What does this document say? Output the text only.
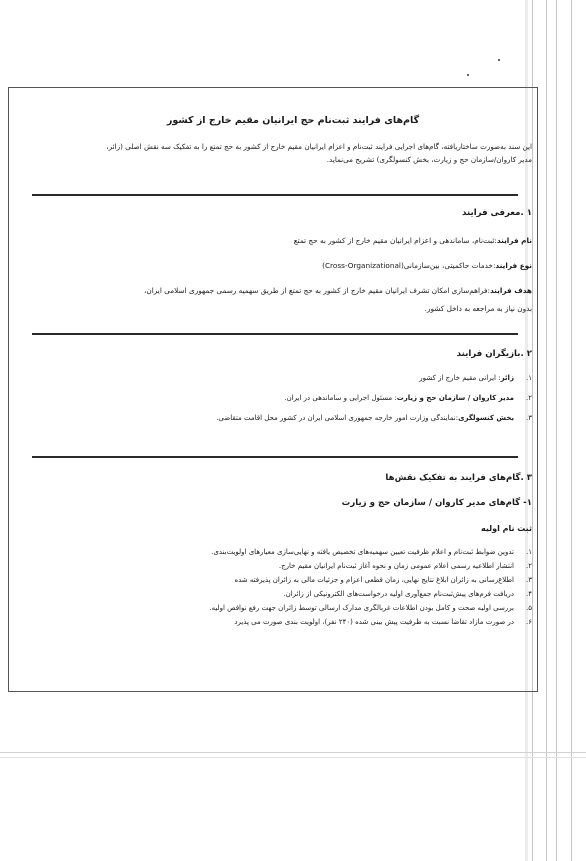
گام‌های فرایند ثبت‌نام حج ایرانیان مقیم خارج از کشور
این سند به‌صورت ساختاریافته، گام‌های اجرایی فرایند ثبت‌نام و اعزام ایرانیان مقیم خارج از کشور به حج تمتع را به تفکیک سه نقش اصلی (زائر، مدیر کاروان/سازمان حج و زیارت، بخش کنسولگری) تشریح می‌نماید.
۱ .معرفی فرایند
نام فرایند:ثبت‌نام، ساماندهی و اعزام ایرانیان مقیم خارج از کشور به حج تمتع
نوع فرایند:خدمات حاکمیتی، بین‌سازمانی(Cross-Organizational)
هدف فرایند:فراهم‌سازی امکان تشرف ایرانیان مقیم خارج از کشور به حج تمتع از طریق سهمیه رسمی جمهوری اسلامی ایران،
بدون نیاز به مراجعه به داخل کشور.
۲ .بازیگران فرایند
۱.
زائر: ایرانی مقیم خارج از کشور
۲.
مدیر کاروان / سازمان حج و زیارت: مسئول اجرایی و ساماندهی در ایران.
۳.
بخش کنسولگری:نمایندگی وزارت امور خارجه جمهوری اسلامی ایران در کشور محل اقامت متقاضی.
۳ .گام‌های فرایند به تفکیک نقش‌ها
۱- گام‌های مدیر کاروان / سازمان حج و زیارت
ثبت نام اولیه
۱.
تدوین ضوابط ثبت‌نام و اعلام ظرفیت تعیین سهمیه‌های تخصیص یافته و نهایی‌سازی معیارهای اولویت‌بندی.
۲.
انتشار اطلاعیه رسمی اعلام عمومی زمان و نحوه آغاز ثبت‌نام ایرانیان مقیم خارج.
۳.
اطلاع‌رسانی به زائران ابلاغ نتایج نهایی، زمان قطعی اعزام و جزئیات مالی به زائران پذیرفته شده
۴.
دریافت فرم‌های پیش‌ثبت‌نام جمع‌آوری اولیه درخواست‌های الکترونیکی از زائران.
۵.
بررسی اولیه صحت و کامل بودن اطلاعات غربالگری مدارک ارسالی توسط زائران جهت رفع نواقص اولیه.
۶.
در صورت مازاد تقاضا نسبت به ظرفیت پیش بینی شده (۲۴۰ نفر)، اولویت بندی صورت می پذیرد
